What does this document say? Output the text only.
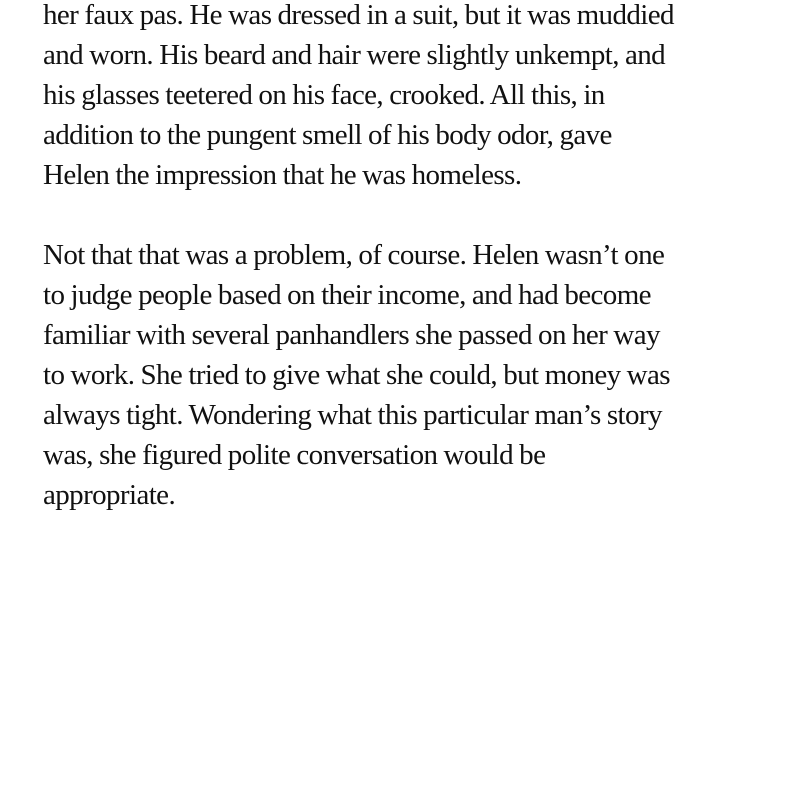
her faux pas. He was dressed in a suit, but it was muddied
and worn. His beard and hair were slightly unkempt, and
his glasses teetered on his face, crooked. All this, in
addition to the pungent smell of his body odor, gave
Helen the impression that he was homeless.
Not that that was a problem, of course. Helen wasn’t one
to judge people based on their income, and had become
familiar with several panhandlers she passed on her way
to work. She tried to give what she could, but money was
always tight. Wondering what this particular man’s story
was, she figured polite conversation would be
appropriate.
